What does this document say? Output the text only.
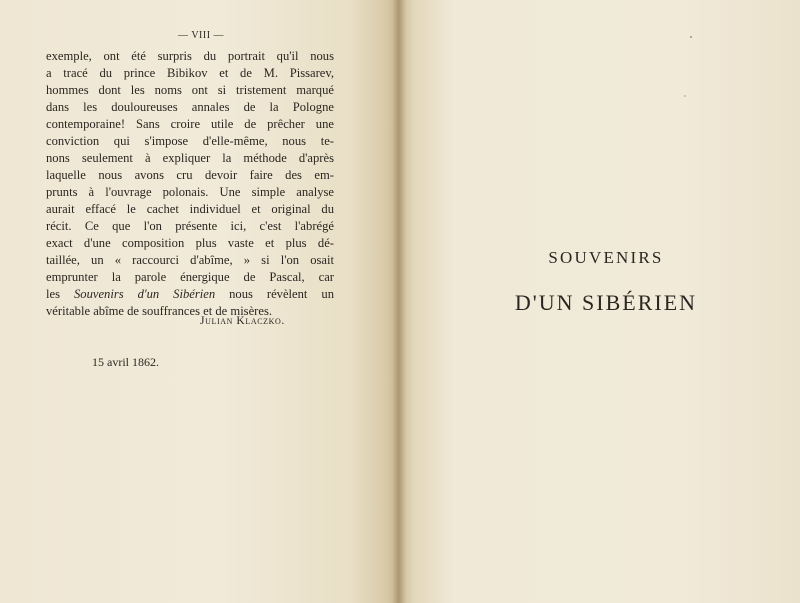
— VIII —
exemple, ont été surpris du portrait qu'il nous
a tracé du prince Bibikov et de M. Pissarev,
hommes dont les noms ont si tristement marqué
dans les douloureuses annales de la Pologne
contemporaine! Sans croire utile de prêcher une
conviction qui s'impose d'elle-même, nous te-
nons seulement à expliquer la méthode d'après
laquelle nous avons cru devoir faire des em-
prunts à l'ouvrage polonais. Une simple analyse
aurait effacé le cachet individuel et original du
récit. Ce que l'on présente ici, c'est l'abrégé
exact d'une composition plus vaste et plus dé-
taillée, un « raccourci d'abîme, » si l'on osait
emprunter la parole énergique de Pascal, car
les Souvenirs d'un Sibérien nous révèlent un
véritable abîme de souffrances et de misères.
Julian Klaczko.
15 avril 1862.
SOUVENIRS
D'UN SIBÉRIEN
